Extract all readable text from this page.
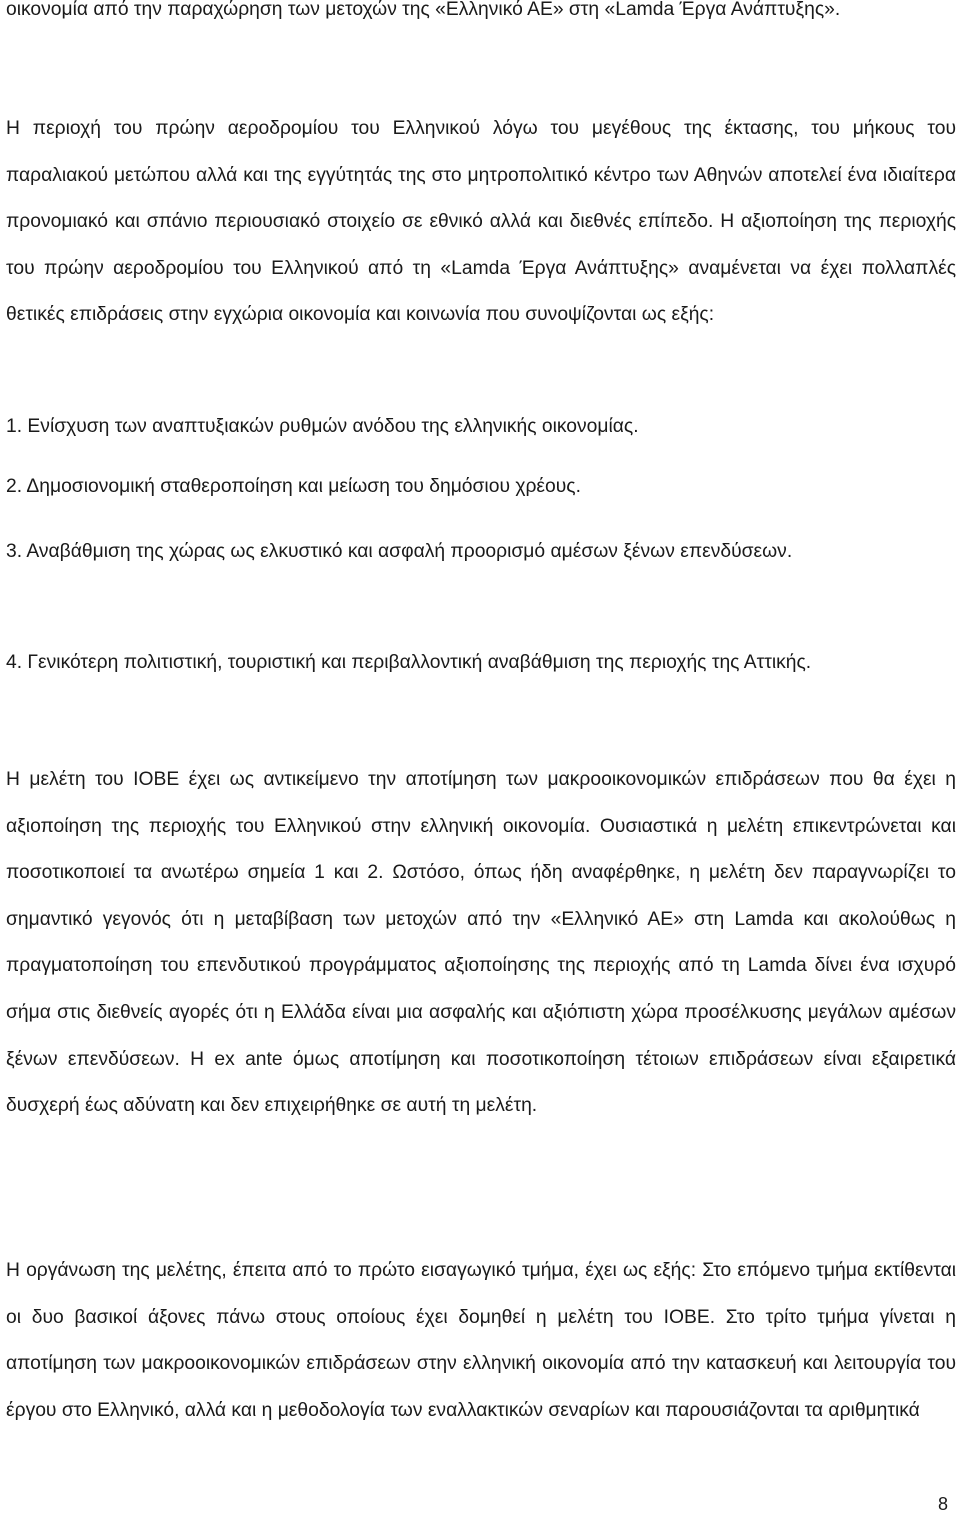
οικονομία από την παραχώρηση των μετοχών της «Ελληνικό ΑΕ» στη «Lamda Έργα Ανάπτυξης».

Η περιοχή του πρώην αεροδρομίου του Ελληνικού λόγω του μεγέθους της έκτασης, του μήκους του παραλιακού μετώπου αλλά και της εγγύτητάς της στο μητροπολιτικό κέντρο των Αθηνών αποτελεί ένα ιδιαίτερα προνομιακό και σπάνιο περιουσιακό στοιχείο σε εθνικό αλλά και διεθνές επίπεδο. Η αξιοποίηση της περιοχής του πρώην αεροδρομίου του Ελληνικού από τη «Lamda Έργα Ανάπτυξης» αναμένεται να έχει πολλαπλές θετικές επιδράσεις στην εγχώρια οικονομία και κοινωνία που συνοψίζονται ως εξής:

1. Ενίσχυση των αναπτυξιακών ρυθμών ανόδου της ελληνικής οικονομίας.

2. Δημοσιονομική σταθεροποίηση και μείωση του δημόσιου χρέους.

3. Αναβάθμιση της χώρας ως ελκυστικό και ασφαλή προορισμό αμέσων ξένων επενδύσεων.

4. Γενικότερη πολιτιστική, τουριστική και περιβαλλοντική αναβάθμιση της περιοχής της Αττικής.

Η μελέτη του ΙΟΒΕ έχει ως αντικείμενο την αποτίμηση των μακροοικονομικών επιδράσεων που θα έχει η αξιοποίηση της περιοχής του Ελληνικού στην ελληνική οικονομία. Ουσιαστικά η μελέτη επικεντρώνεται και ποσοτικοποιεί τα ανωτέρω σημεία 1 και 2. Ωστόσο, όπως ήδη αναφέρθηκε, η μελέτη δεν παραγνωρίζει το σημαντικό γεγονός ότι η μεταβίβαση των μετοχών από την «Ελληνικό ΑΕ» στη Lamda και ακολούθως η πραγματοποίηση του επενδυτικού προγράμματος αξιοποίησης της περιοχής από τη Lamda δίνει ένα ισχυρό σήμα στις διεθνείς αγορές ότι η Ελλάδα είναι μια ασφαλής και αξιόπιστη χώρα προσέλκυσης μεγάλων αμέσων ξένων επενδύσεων. Η ex ante όμως αποτίμηση και ποσοτικοποίηση τέτοιων επιδράσεων είναι εξαιρετικά δυσχερή έως αδύνατη και δεν επιχειρήθηκε σε αυτή τη μελέτη.

Η οργάνωση της μελέτης, έπειτα από το πρώτο εισαγωγικό τμήμα, έχει ως εξής: Στο επόμενο τμήμα εκτίθενται οι δυο βασικοί άξονες πάνω στους οποίους έχει δομηθεί η μελέτη του ΙΟΒΕ. Στο τρίτο τμήμα γίνεται η αποτίμηση των μακροοικονομικών επιδράσεων στην ελληνική οικονομία από την κατασκευή και λειτουργία του έργου στο Ελληνικό, αλλά και η μεθοδολογία των εναλλακτικών σεναρίων και παρουσιάζονται τα αριθμητικά

8
